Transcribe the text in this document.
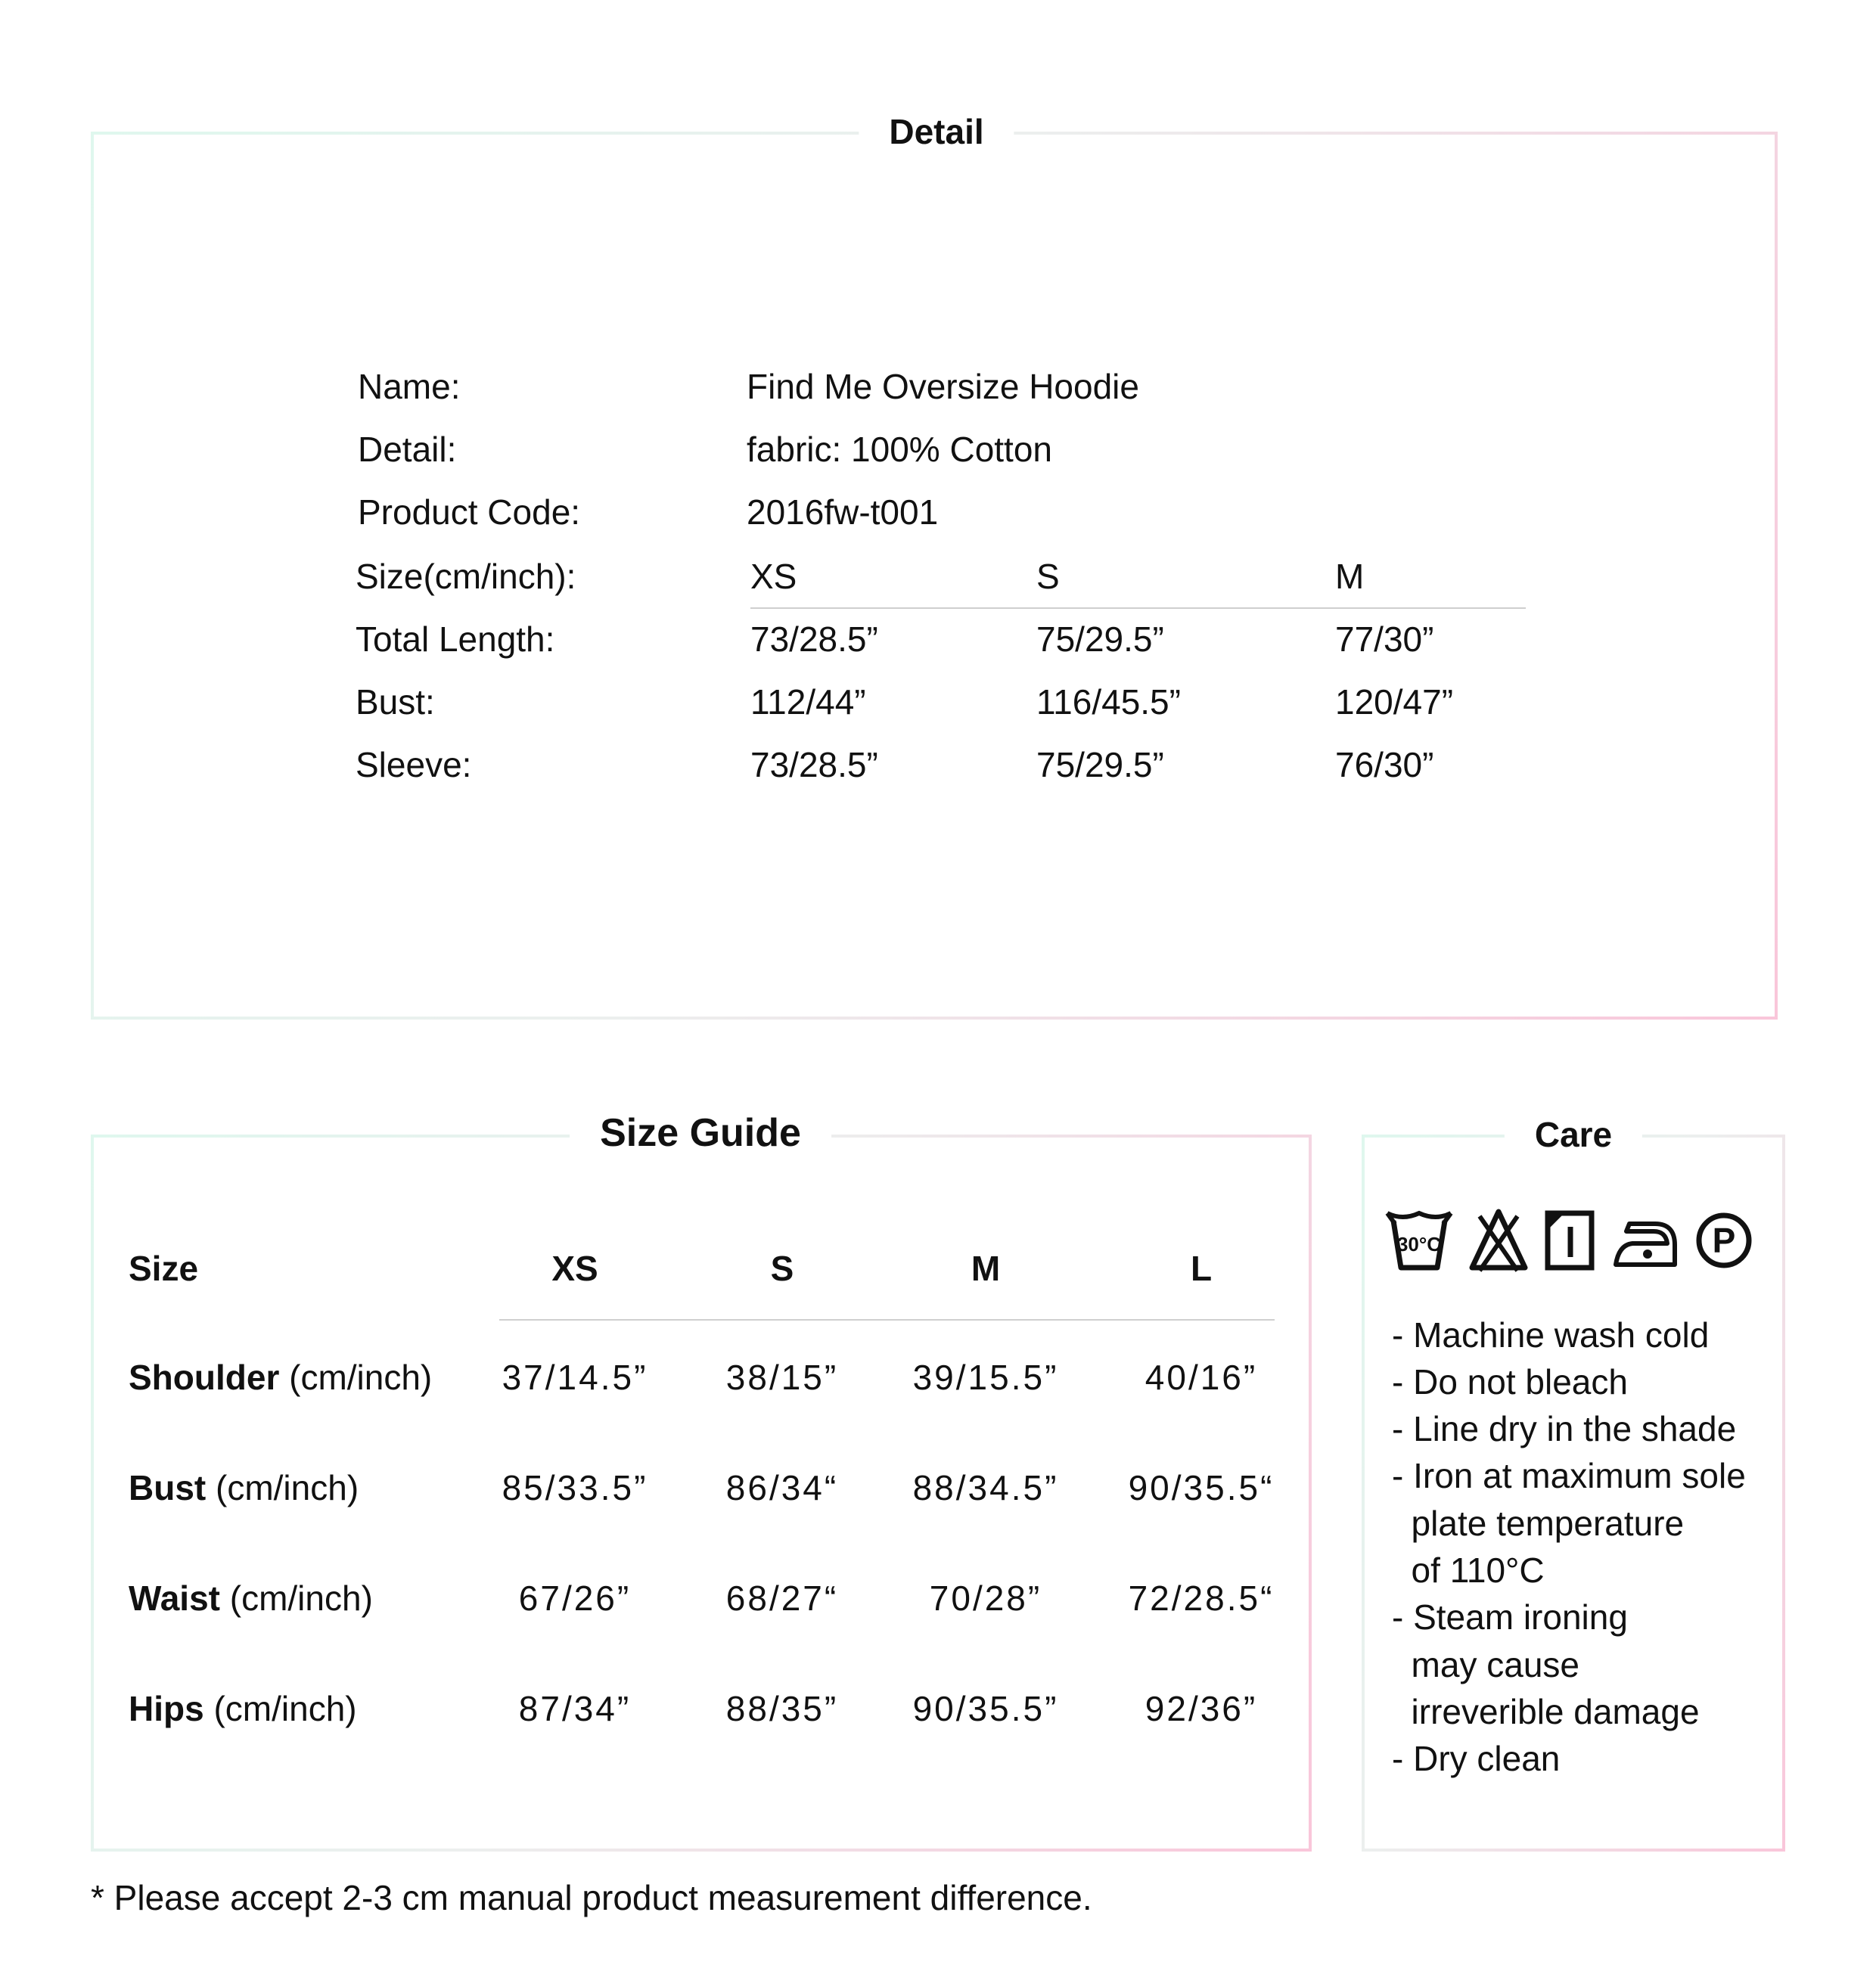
Detail
Name:	Find Me Oversize Hoodie
Detail:	fabric: 100% Cotton
Product Code:	2016fw-t001
Size(cm/inch):	XS	S	M
Total Length:	73/28.5”	75/29.5”	77/30”
Bust:	112/44”	116/45.5”	120/47”
Sleeve:	73/28.5”	75/29.5”	76/30”
Size Guide
Size	XS	S	M	L
Shoulder (cm/inch) 37/14.5” 38/15” 39/15.5” 40/16”
Bust (cm/inch)	85/33.5” 86/34“ 88/34.5” 90/35.5“
Waist (cm/inch)	67/26”	68/27“	70/28” 72/28.5“
Hips (cm/inch)	87/34”	88/35” 90/35.5” 92/36”
Care
30°C	P
- Machine wash cold
- Do not bleach
- Line dry in the shade
- Iron at maximum sole
plate temperature
of 110°C
- Steam ironing
may cause
irreverible damage
- Dry clean
* Please accept 2-3 cm manual product measurement difference.
